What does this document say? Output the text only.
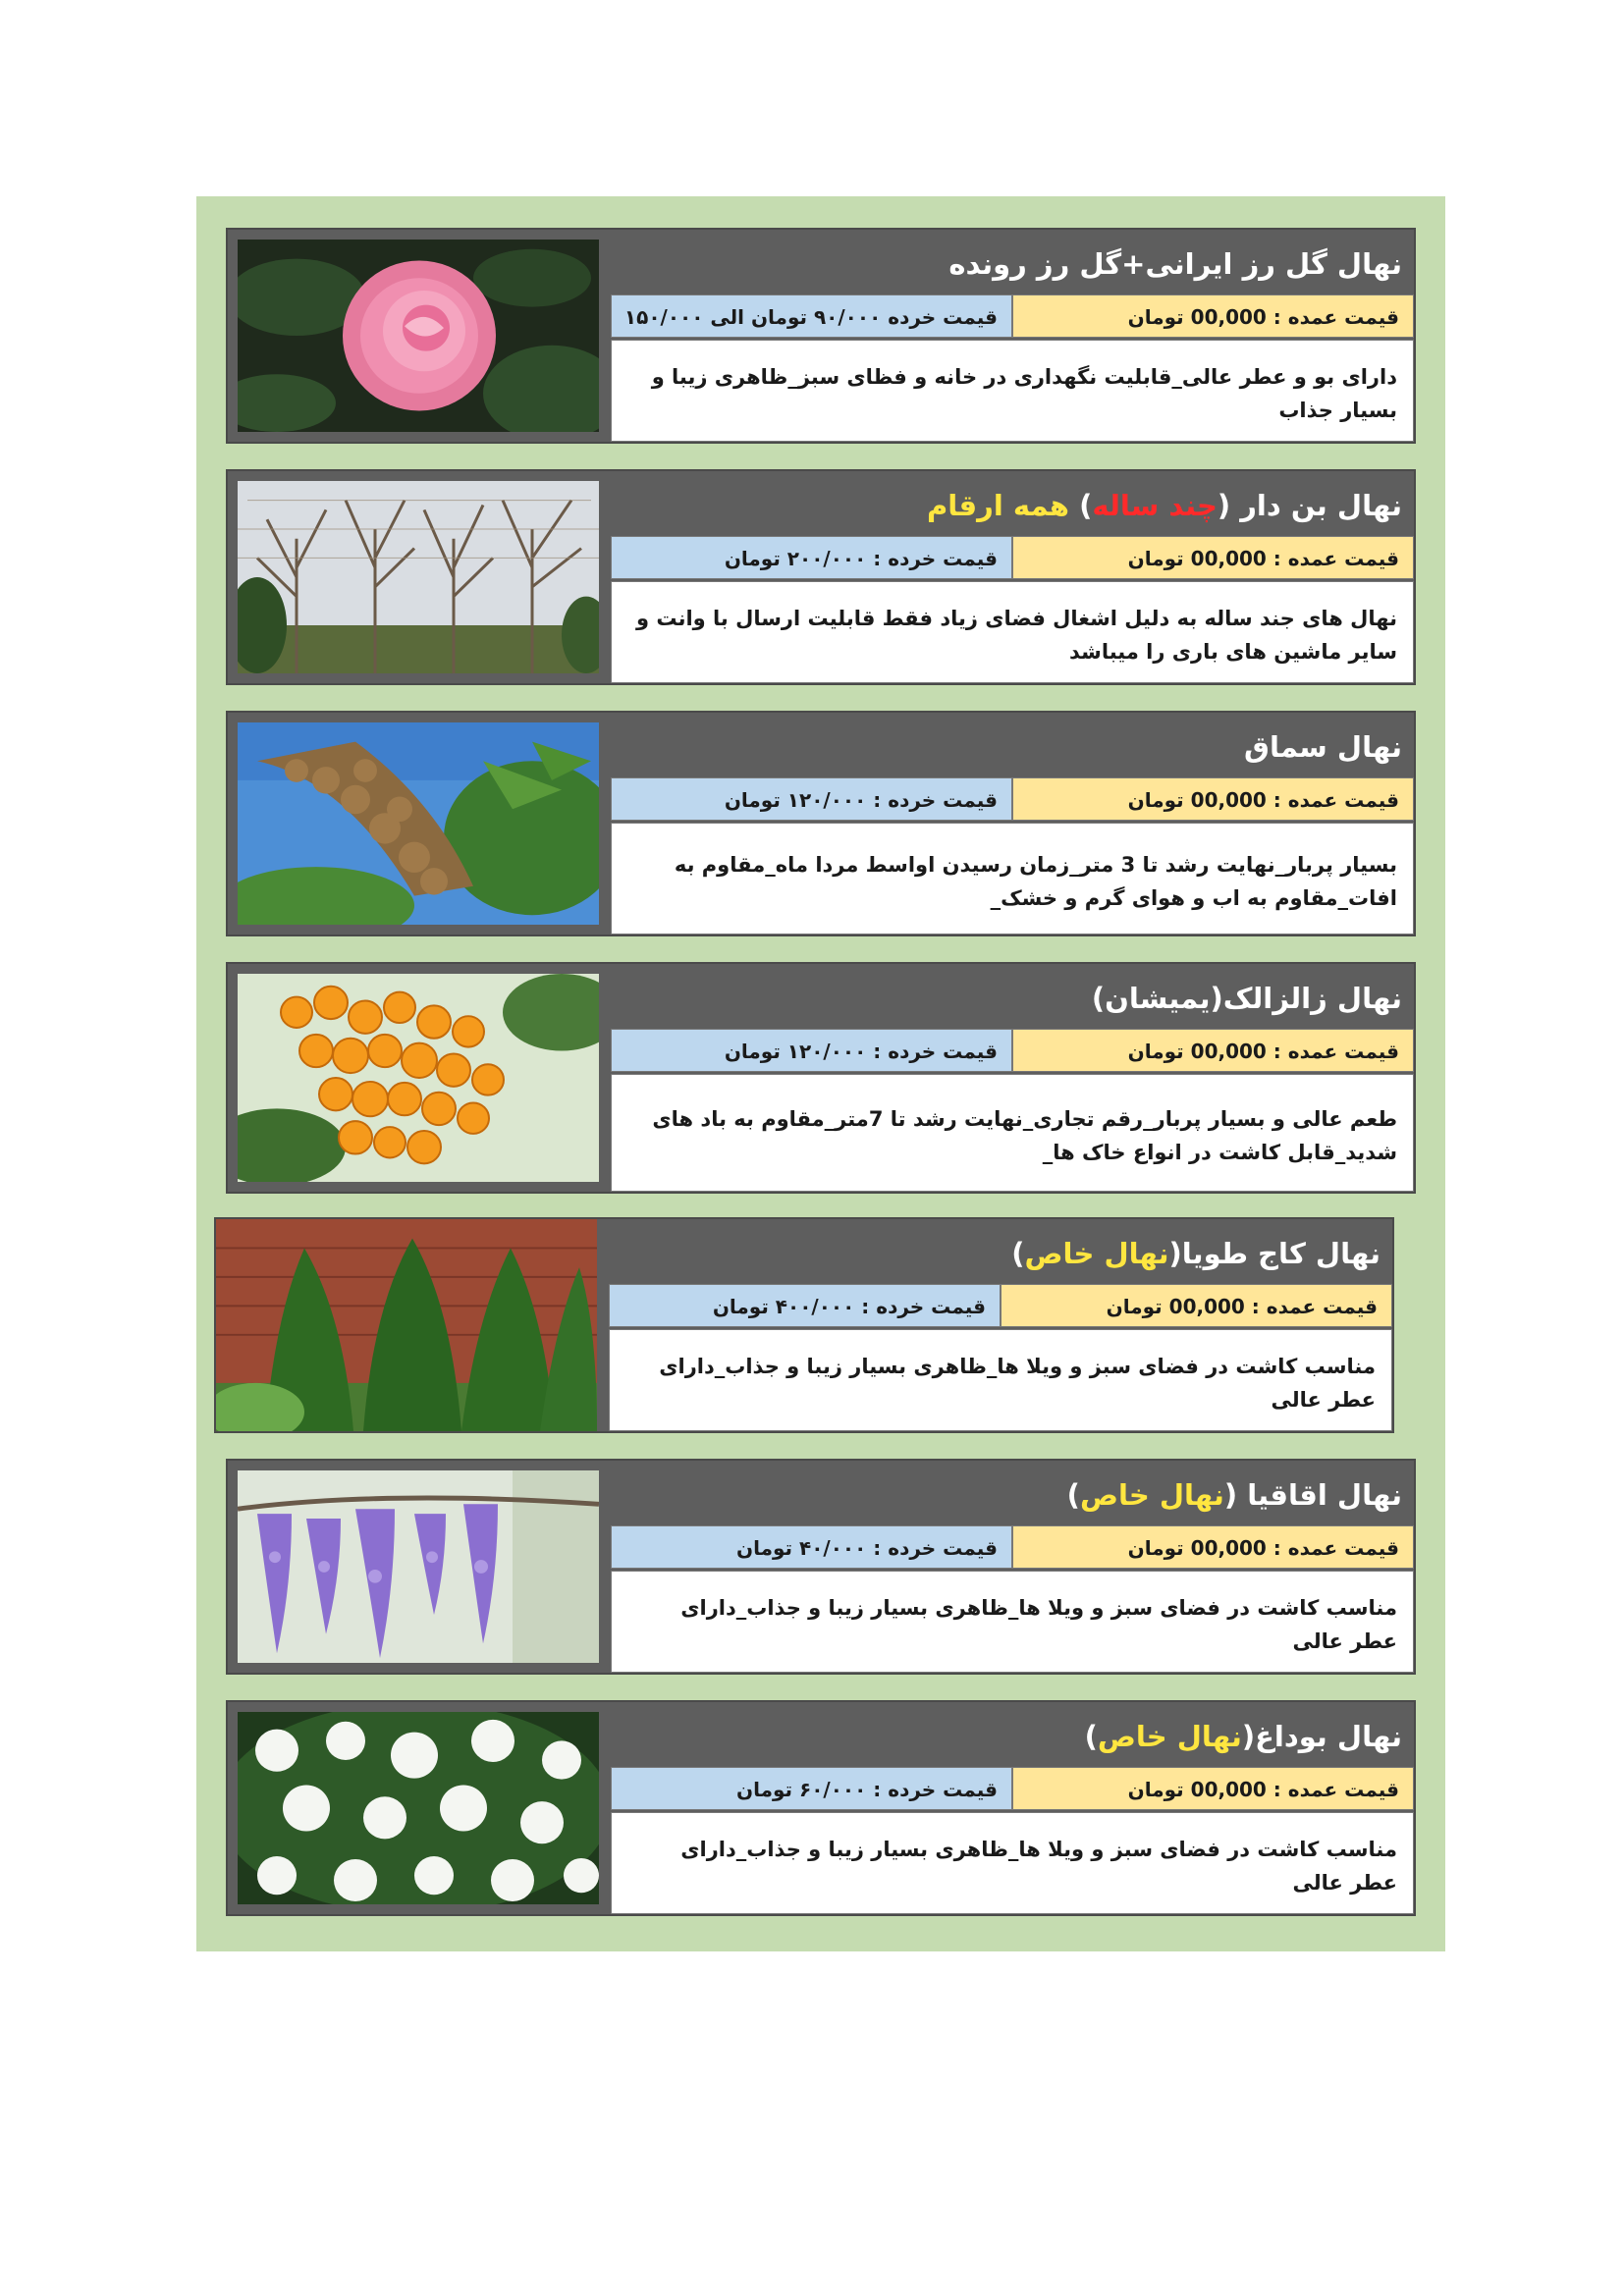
نهال گل رز ایرانی+گل رز رونده
قیمت خرده ۹۰/۰۰۰ تومان الی ۱۵۰/۰۰۰	قیمت عمده : 00,000 تومان
دارای بو و عطر عالی_قابلیت نگهداری در خانه و فظای سبز_ظاهری زیبا و بسیار جذاب
نهال بن دار (چند ساله) همه ارقام
قیمت خرده : ۲۰۰/۰۰۰ تومان	قیمت عمده : 00,000 تومان
نهال های جند ساله به دلیل اشغال فضای زیاد فقط قابلیت ارسال با وانت و سایر ماشین های باری را میباشد
نهال سماق
قیمت خرده : ۱۲۰/۰۰۰ تومان	قیمت عمده : 00,000 تومان
بسیار پربار_نهایت رشد تا 3 متر_زمان رسیدن اواسط مردا ماه_مقاوم به افات_مقاوم به اب و هوای گرم و خشک_
نهال زالزالک(یمیشان)
قیمت خرده : ۱۲۰/۰۰۰ تومان	قیمت عمده : 00,000 تومان
طعم عالی و بسیار پربار_رقم تجاری_نهایت رشد تا 7متر_مقاوم به باد های شدید_قابل کاشت در انواع خاک ها_
نهال کاج طویا(نهال خاص)
قیمت خرده : ۴۰۰/۰۰۰ تومان	قیمت عمده : 00,000 تومان
مناسب کاشت در فضای سبز و ویلا ها_ظاهری بسیار زیبا و جذاب_دارای عطر عالی
نهال اقاقیا (نهال خاص)
قیمت خرده : ۴۰/۰۰۰ تومان	قیمت عمده : 00,000 تومان
مناسب کاشت در فضای سبز و ویلا ها_ظاهری بسیار زیبا و جذاب_دارای عطر عالی
نهال بوداغ(نهال خاص)
قیمت خرده : ۶۰/۰۰۰ تومان	قیمت عمده : 00,000 تومان
مناسب کاشت در فضای سبز و ویلا ها_ظاهری بسیار زیبا و جذاب_دارای عطر عالی
